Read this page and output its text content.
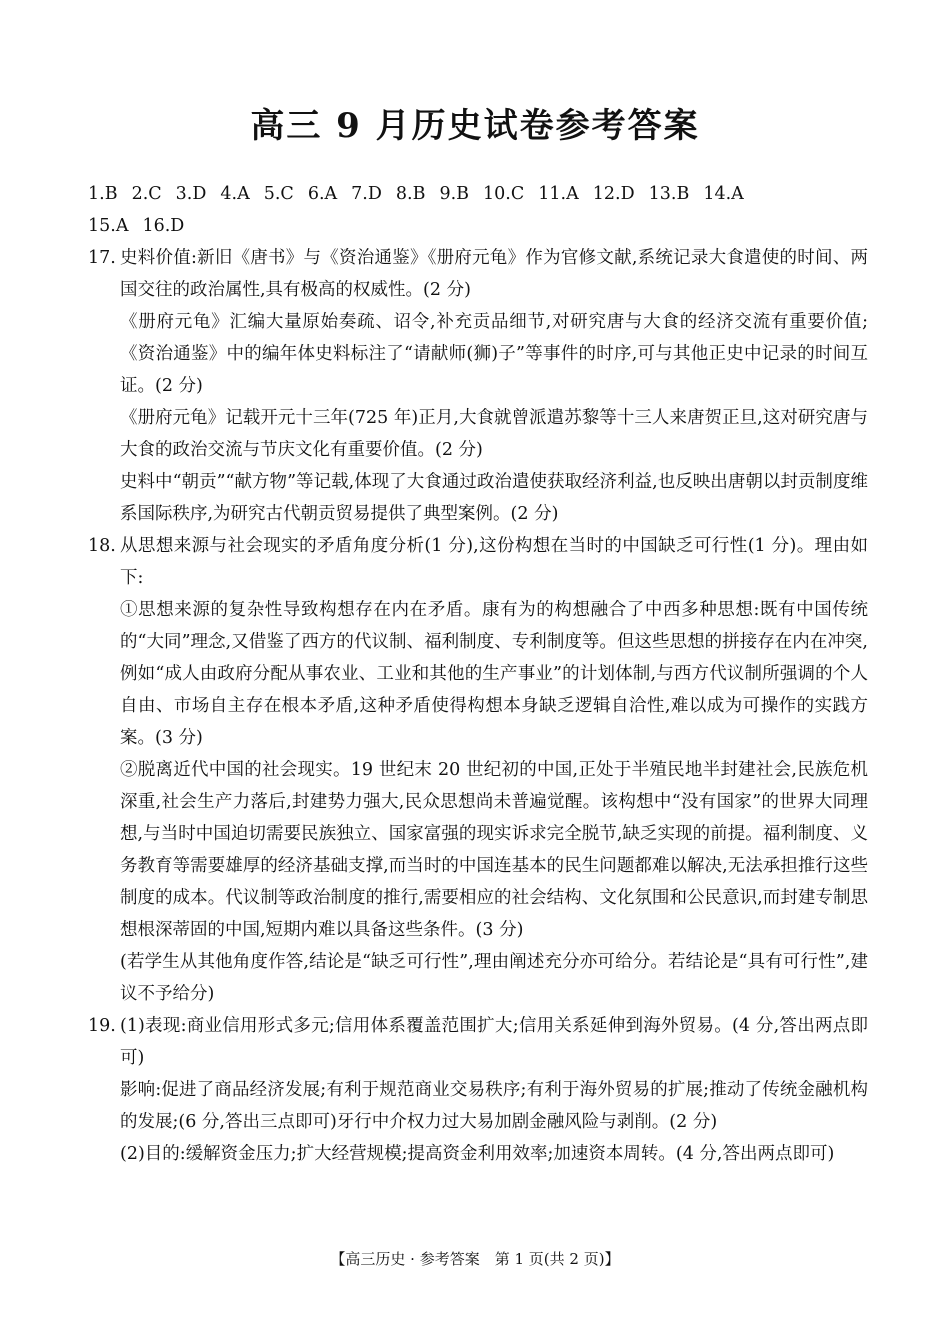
高三 9 月历史试卷参考答案
1.B 2.C 3.D 4.A 5.C 6.A 7.D 8.B 9.B 10.C 11.A 12.D 13.B 14.A
15.A 16.D
17. 史料价值:新旧《唐书》与《资治通鉴》《册府元龟》作为官修文献,系统记录大食遣使的时间、两国交往的政治属性,具有极高的权威性。(2 分)

《册府元龟》汇编大量原始奏疏、诏令,补充贡品细节,对研究唐与大食的经济交流有重要价值;《资治通鉴》中的编年体史料标注了“请献师(狮)子”等事件的时序,可与其他正史中记录的时间互证。(2 分)

《册府元龟》记载开元十三年(725 年)正月,大食就曾派遣苏黎等十三人来唐贺正旦,这对研究唐与大食的政治交流与节庆文化有重要价值。(2 分)

史料中“朝贡”“献方物”等记载,体现了大食通过政治遣使获取经济利益,也反映出唐朝以封贡制度维系国际秩序,为研究古代朝贡贸易提供了典型案例。(2 分)

18. 从思想来源与社会现实的矛盾角度分析(1 分),这份构想在当时的中国缺乏可行性(1 分)。理由如下:

①思想来源的复杂性导致构想存在内在矛盾。康有为的构想融合了中西多种思想:既有中国传统的“大同”理念,又借鉴了西方的代议制、福利制度、专利制度等。但这些思想的拼接存在内在冲突,例如“成人由政府分配从事农业、工业和其他的生产事业”的计划体制,与西方代议制所强调的个人自由、市场自主存在根本矛盾,这种矛盾使得构想本身缺乏逻辑自洽性,难以成为可操作的实践方案。(3 分)

②脱离近代中国的社会现实。19 世纪末 20 世纪初的中国,正处于半殖民地半封建社会,民族危机深重,社会生产力落后,封建势力强大,民众思想尚未普遍觉醒。该构想中“没有国家”的世界大同理想,与当时中国迫切需要民族独立、国家富强的现实诉求完全脱节,缺乏实现的前提。福利制度、义务教育等需要雄厚的经济基础支撑,而当时的中国连基本的民生问题都难以解决,无法承担推行这些制度的成本。代议制等政治制度的推行,需要相应的社会结构、文化氛围和公民意识,而封建专制思想根深蒂固的中国,短期内难以具备这些条件。(3 分)

(若学生从其他角度作答,结论是“缺乏可行性”,理由阐述充分亦可给分。若结论是“具有可行性”,建议不予给分)

19. (1)表现:商业信用形式多元;信用体系覆盖范围扩大;信用关系延伸到海外贸易。(4 分,答出两点即可)

影响:促进了商品经济发展;有利于规范商业交易秩序;有利于海外贸易的扩展;推动了传统金融机构的发展;(6 分,答出三点即可)牙行中介权力过大易加剧金融风险与剥削。(2 分)

(2)目的:缓解资金压力;扩大经营规模;提高资金利用效率;加速资本周转。(4 分,答出两点即可)

【高三历史 · 参考答案　第 1 页(共 2 页)】
